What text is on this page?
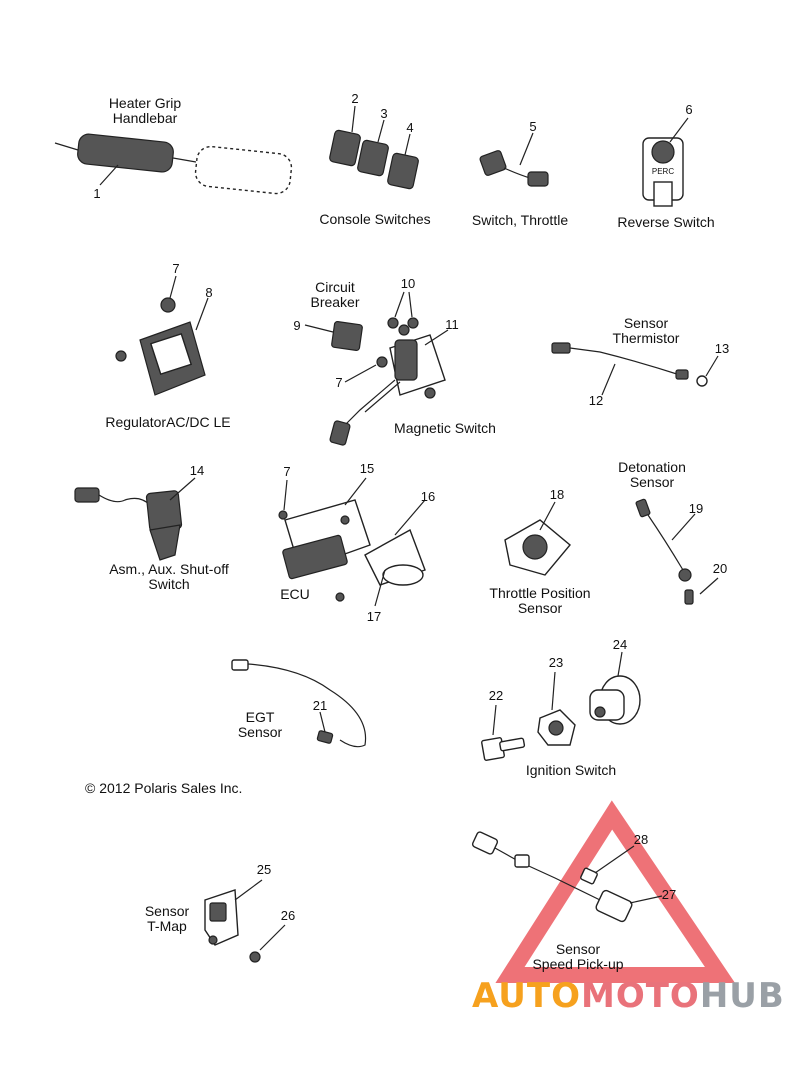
Heater Grip
Handlebar
Console Switches	Switch, Throttle	Reverse Switch
PERC
Circuit
Breaker
Sensor
Thermistor
RegulatorAC/DC LE	Magnetic Switch
Detonation
Sensor
Asm., Aux. Shut-off
Switch
ECU	Throttle Position
Sensor
EGT
Sensor
Ignition Switch
Sensor
T-Map
Sensor
Speed Pick-up
1
2
3
4	5
6
7
8
9
10
11
7
12
13
14	7	15
16
17
18
19
20
21
22
23
24
25
26
27
28
© 2012 Polaris Sales Inc.
AUTOMOTOHUB
